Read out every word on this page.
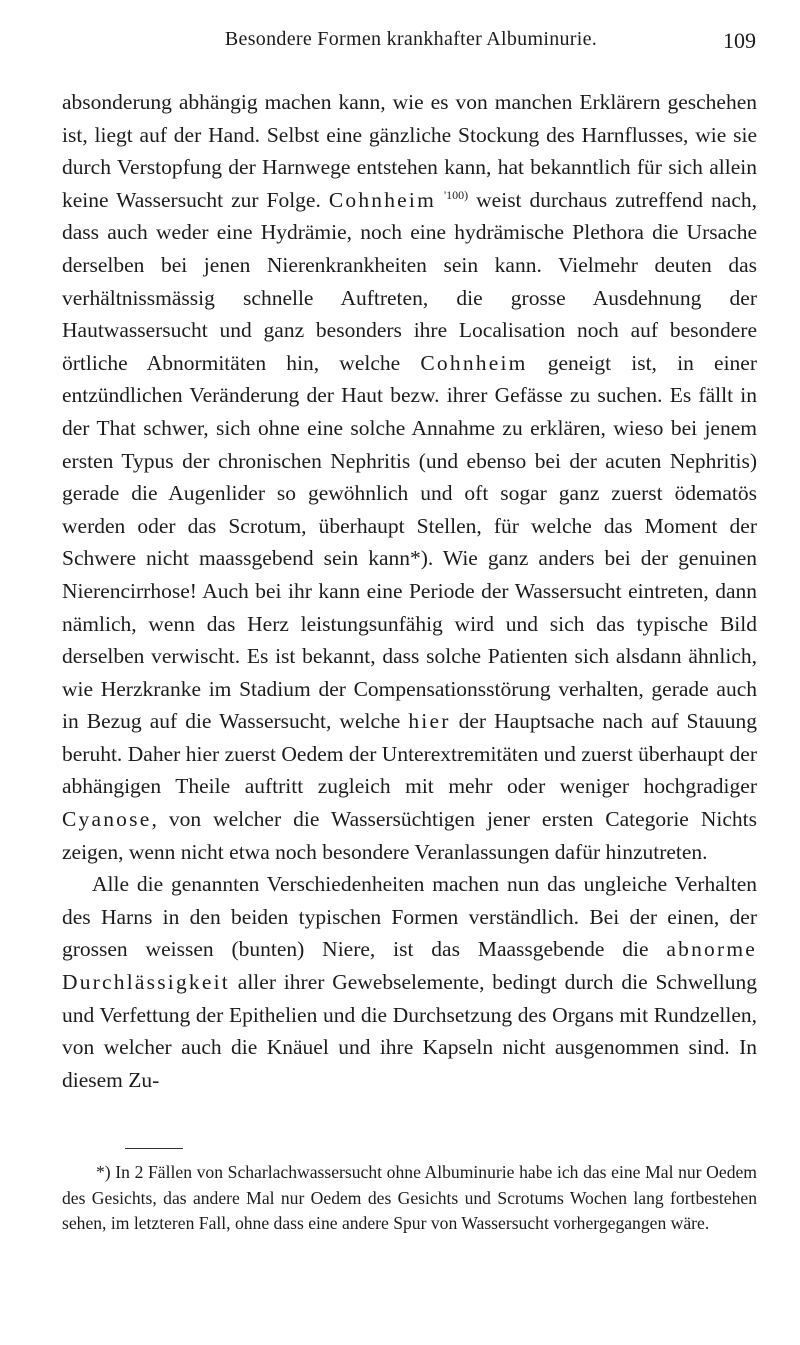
Besondere Formen krankhafter Albuminurie.	109

absonderung abhängig machen kann, wie es von manchen Erklärern geschehen ist, liegt auf der Hand. Selbst eine gänzliche Stockung des Harnflusses, wie sie durch Verstopfung der Harnwege entstehen kann, hat bekanntlich für sich allein keine Wassersucht zur Folge. Cohnheim $^{'100)}$ weist durchaus zutreffend nach, dass auch weder eine Hydrämie, noch eine hydrämische Plethora die Ursache derselben bei jenen Nierenkrankheiten sein kann. Vielmehr deuten das verhältnissmässig schnelle Auftreten, die grosse Ausdehnung der Hautwassersucht und ganz besonders ihre Localisation noch auf besondere örtliche Abnormitäten hin, welche Cohnheim geneigt ist, in einer entzündlichen Veränderung der Haut bezw. ihrer Gefässe zu suchen. Es fällt in der That schwer, sich ohne eine solche Annahme zu erklären, wieso bei jenem ersten Typus der chronischen Nephritis (und ebenso bei der acuten Nephritis) gerade die Augenlider so gewöhnlich und oft sogar ganz zuerst ödematös werden oder das Scrotum, überhaupt Stellen, für welche das Moment der Schwere nicht maassgebend sein kann*). Wie ganz anders bei der genuinen Nierencirrhose! Auch bei ihr kann eine Periode der Wassersucht eintreten, dann nämlich, wenn das Herz leistungsunfähig wird und sich das typische Bild derselben verwischt. Es ist bekannt, dass solche Patienten sich alsdann ähnlich, wie Herzkranke im Stadium der Compensationsstörung verhalten, gerade auch in Bezug auf die Wassersucht, welche hier der Hauptsache nach auf Stauung beruht. Daher hier zuerst Oedem der Unterextremitäten und zuerst überhaupt der abhängigen Theile auftritt zugleich mit mehr oder weniger hochgradiger Cyanose, von welcher die Wassersüchtigen jener ersten Categorie Nichts zeigen, wenn nicht etwa noch besondere Veranlassungen dafür hinzutreten.

Alle die genannten Verschiedenheiten machen nun das ungleiche Verhalten des Harns in den beiden typischen Formen verständlich. Bei der einen, der grossen weissen (bunten) Niere, ist das Maassgebende die abnorme Durchlässigkeit aller ihrer Gewebselemente, bedingt durch die Schwellung und Verfettung der Epithelien und die Durchsetzung des Organs mit Rundzellen, von welcher auch die Knäuel und ihre Kapseln nicht ausgenommen sind. In diesem Zu-

*) In 2 Fällen von Scharlachwassersucht ohne Albuminurie habe ich das eine Mal nur Oedem des Gesichts, das andere Mal nur Oedem des Gesichts und Scrotums Wochen lang fortbestehen sehen, im letzteren Fall, ohne dass eine andere Spur von Wassersucht vorhergegangen wäre.
